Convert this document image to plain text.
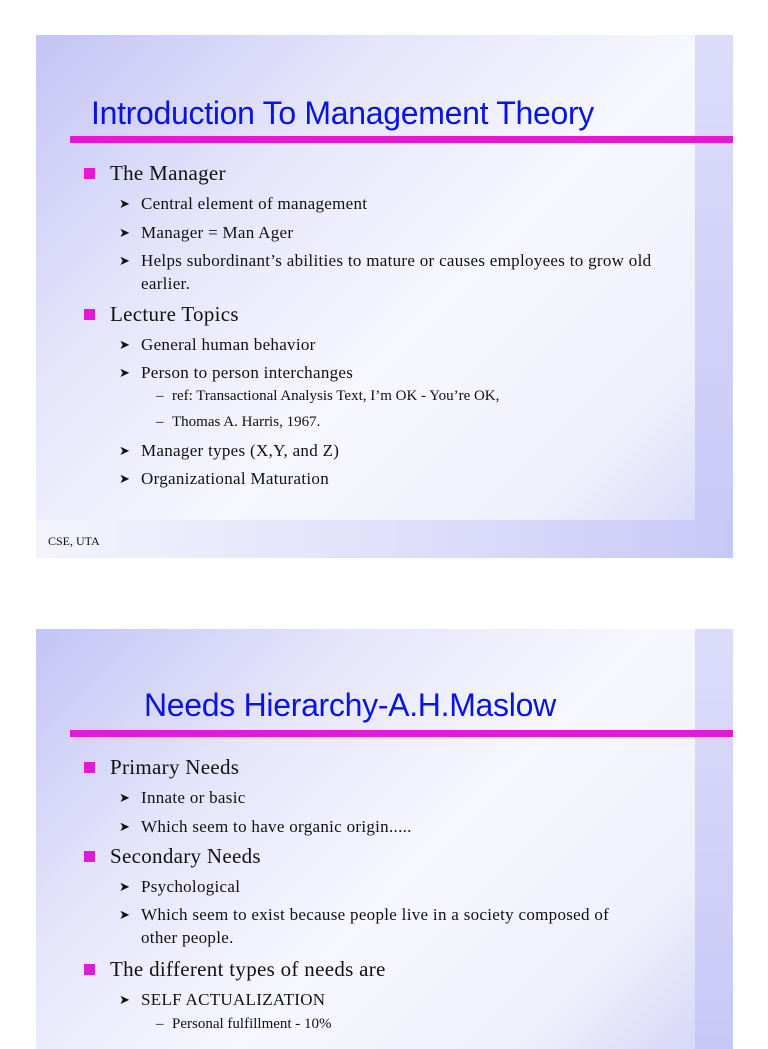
Introduction To Management Theory
The Manager
➤ Central element of management
➤ Manager = Man Ager
➤ Helps subordinant’s abilities to mature or causes employees to grow old earlier.
Lecture Topics
➤ General human behavior
➤ Person to person interchanges
– ref: Transactional Analysis Text, I’m OK - You’re OK,
– Thomas A. Harris, 1967.
➤ Manager types (X,Y, and Z)
➤ Organizational Maturation
CSE, UTA
Needs Hierarchy-A.H.Maslow
Primary Needs
➤ Innate or basic
➤ Which seem to have organic origin.....
Secondary Needs
➤ Psychological
➤ Which seem to exist because people live in a society composed of other people.
The different types of needs are
➤ SELF ACTUALIZATION
– Personal fulfillment - 10%
